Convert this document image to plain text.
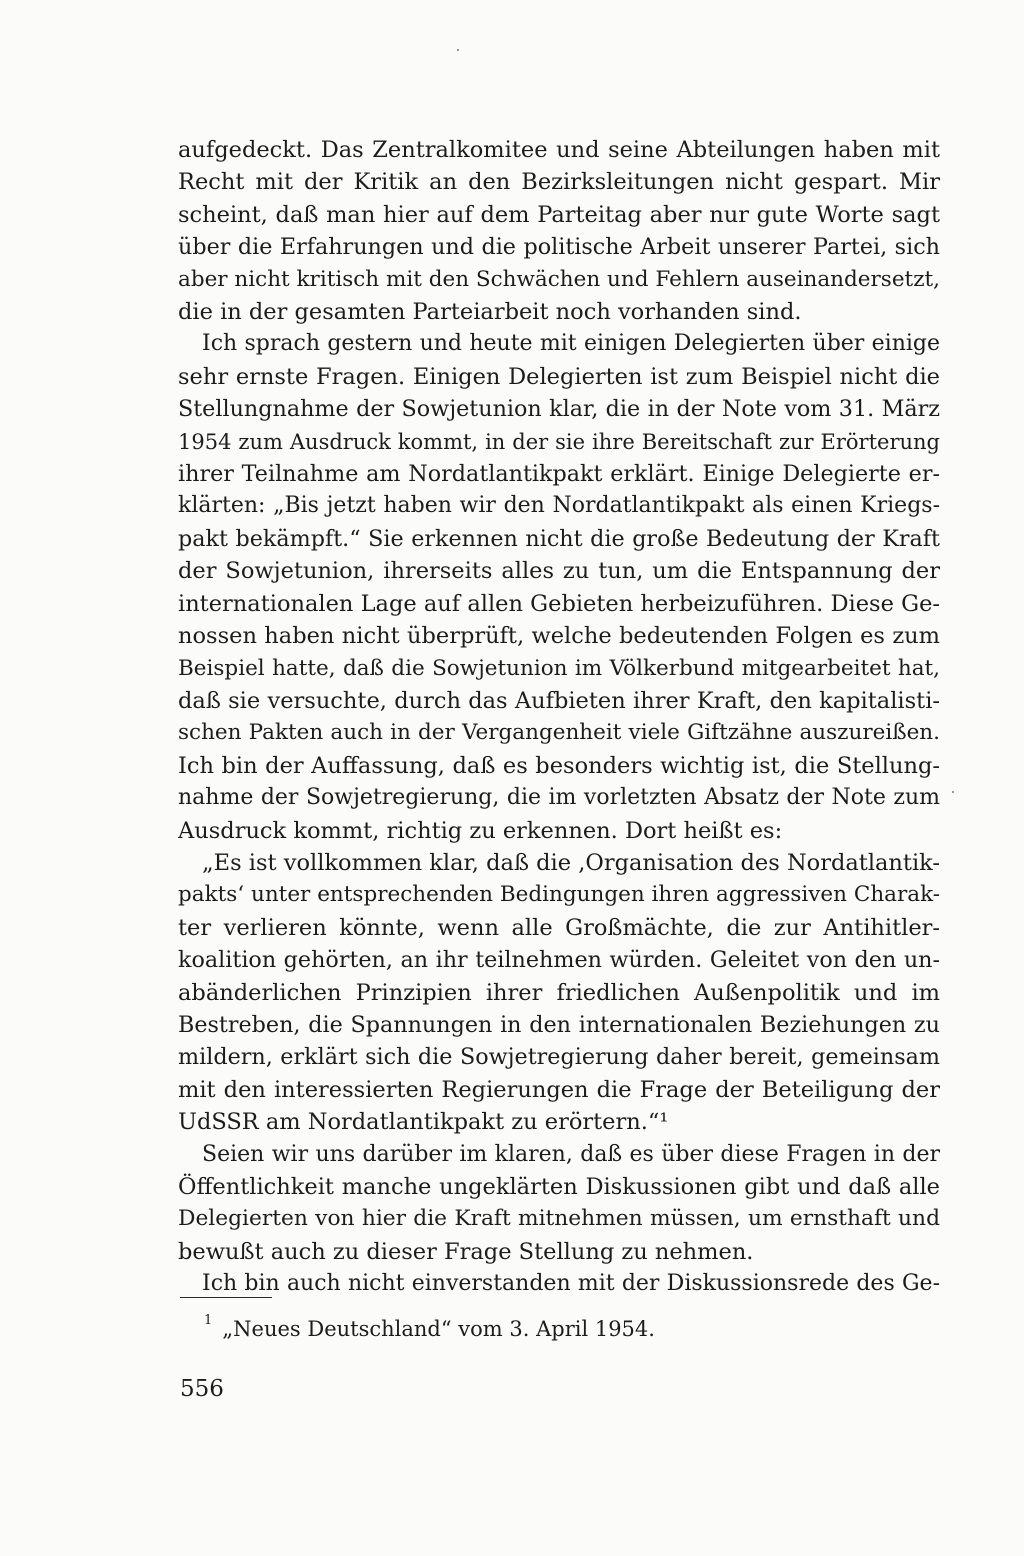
aufgedeckt. Das Zentralkomitee und seine Abteilungen haben mit
Recht mit der Kritik an den Bezirksleitungen nicht gespart. Mir
scheint, daß man hier auf dem Parteitag aber nur gute Worte sagt
über die Erfahrungen und die politische Arbeit unserer Partei, sich
aber nicht kritisch mit den Schwächen und Fehlern auseinandersetzt,
die in der gesamten Parteiarbeit noch vorhanden sind.

Ich sprach gestern und heute mit einigen Delegierten über einige
sehr ernste Fragen. Einigen Delegierten ist zum Beispiel nicht die
Stellungnahme der Sowjetunion klar, die in der Note vom 31. März
1954 zum Ausdruck kommt, in der sie ihre Bereitschaft zur Erörterung
ihrer Teilnahme am Nordatlantikpakt erklärt. Einige Delegierte er-
klärten: „Bis jetzt haben wir den Nordatlantikpakt als einen Kriegs-
pakt bekämpft.“ Sie erkennen nicht die große Bedeutung der Kraft
der Sowjetunion, ihrerseits alles zu tun, um die Entspannung der
internationalen Lage auf allen Gebieten herbeizuführen. Diese Ge-
nossen haben nicht überprüft, welche bedeutenden Folgen es zum
Beispiel hatte, daß die Sowjetunion im Völkerbund mitgearbeitet hat,
daß sie versuchte, durch das Aufbieten ihrer Kraft, den kapitalisti-
schen Pakten auch in der Vergangenheit viele Giftzähne auszureißen.
Ich bin der Auffassung, daß es besonders wichtig ist, die Stellung-
nahme der Sowjetregierung, die im vorletzten Absatz der Note zum
Ausdruck kommt, richtig zu erkennen. Dort heißt es:

„Es ist vollkommen klar, daß die ,Organisation des Nordatlantik-
pakts‘ unter entsprechenden Bedingungen ihren aggressiven Charak-
ter verlieren könnte, wenn alle Großmächte, die zur Antihitler-
koalition gehörten, an ihr teilnehmen würden. Geleitet von den un-
abänderlichen Prinzipien ihrer friedlichen Außenpolitik und im
Bestreben, die Spannungen in den internationalen Beziehungen zu
mildern, erklärt sich die Sowjetregierung daher bereit, gemeinsam
mit den interessierten Regierungen die Frage der Beteiligung der
UdSSR am Nordatlantikpakt zu erörtern.“¹

Seien wir uns darüber im klaren, daß es über diese Fragen in der
Öffentlichkeit manche ungeklärten Diskussionen gibt und daß alle
Delegierten von hier die Kraft mitnehmen müssen, um ernsthaft und
bewußt auch zu dieser Frage Stellung zu nehmen.

Ich bin auch nicht einverstanden mit der Diskussionsrede des Ge-

$^1$ „Neues Deutschland“ vom 3. April 1954.
556
